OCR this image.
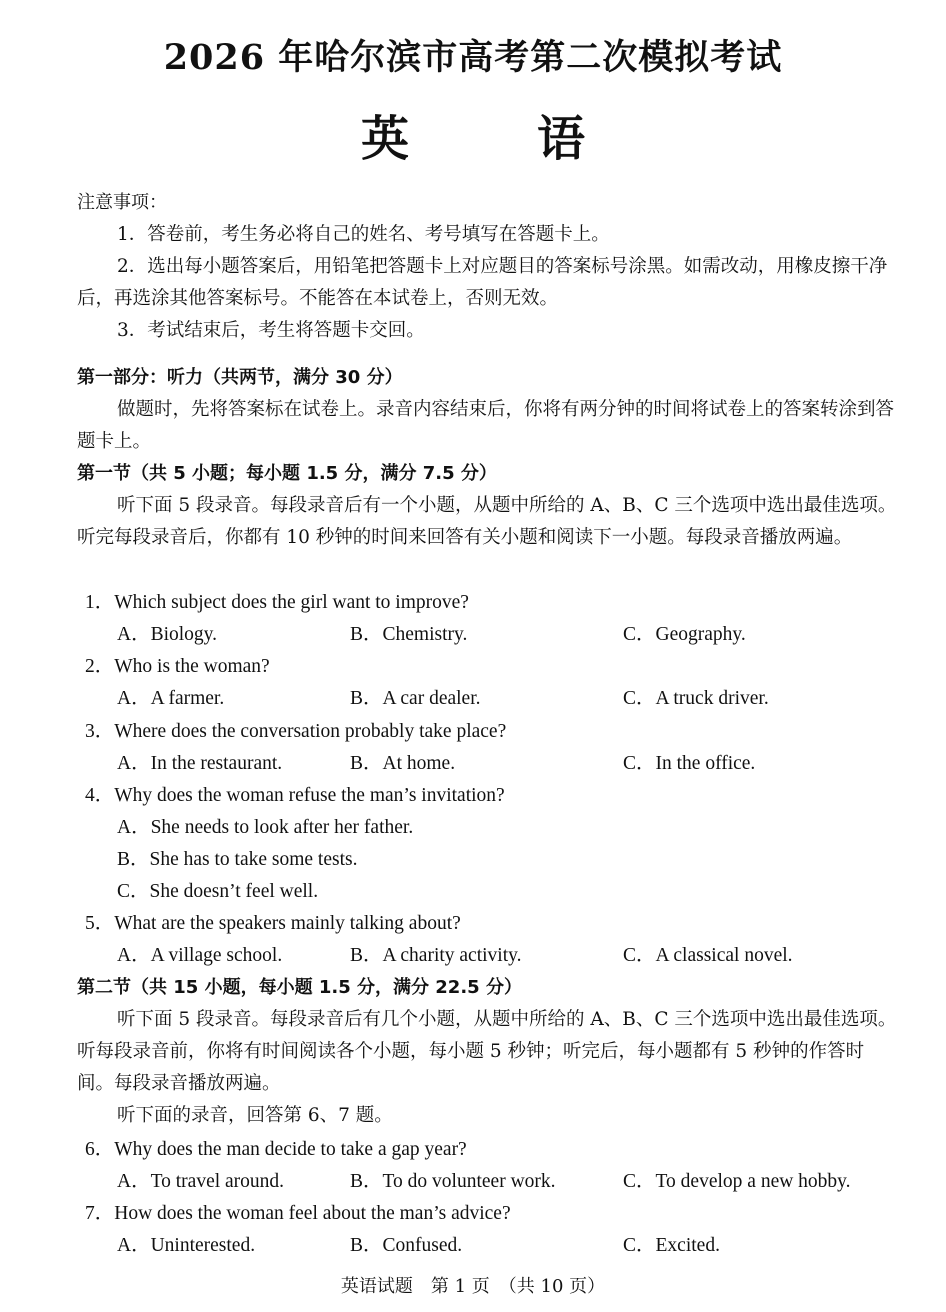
2026 年哈尔滨市高考第二次模拟考试
英　语
注意事项：
1．答卷前，考生务必将自己的姓名、考号填写在答题卡上。
2．选出每小题答案后，用铅笔把答题卡上对应题目的答案标号涂黑。如需改动，用橡皮擦干净后，再选涂其他答案标号。不能答在本试卷上，否则无效。
3．考试结束后，考生将答题卡交回。
第一部分：听力（共两节，满分 30 分）
做题时，先将答案标在试卷上。录音内容结束后，你将有两分钟的时间将试卷上的答案转涂到答题卡上。
第一节（共 5 小题；每小题 1.5 分，满分 7.5 分）
听下面 5 段录音。每段录音后有一个小题，从题中所给的 A、B、C 三个选项中选出最佳选项。听完每段录音后，你都有 10 秒钟的时间来回答有关小题和阅读下一小题。每段录音播放两遍。
1．Which subject does the girl want to improve?
A．Biology.	B．Chemistry.	C．Geography.
2．Who is the woman?
A．A farmer.	B．A car dealer.	C．A truck driver.
3．Where does the conversation probably take place?
A．In the restaurant.	B．At home.	C．In the office.
4．Why does the woman refuse the man’s invitation?
A．She needs to look after her father.
B．She has to take some tests.
C．She doesn’t feel well.
5．What are the speakers mainly talking about?
A．A village school.	B．A charity activity.	C．A classical novel.
第二节（共 15 小题，每小题 1.5 分，满分 22.5 分）
听下面 5 段录音。每段录音后有几个小题，从题中所给的 A、B、C 三个选项中选出最佳选项。听每段录音前，你将有时间阅读各个小题，每小题 5 秒钟；听完后，每小题都有 5 秒钟的作答时间。每段录音播放两遍。
听下面的录音，回答第 6、7 题。
6．Why does the man decide to take a gap year?
A．To travel around.	B．To do volunteer work.	C．To develop a new hobby.
7．How does the woman feel about the man’s advice?
A．Uninterested.	B．Confused.	C．Excited.
英语试题　第 1 页　（共 10 页）
